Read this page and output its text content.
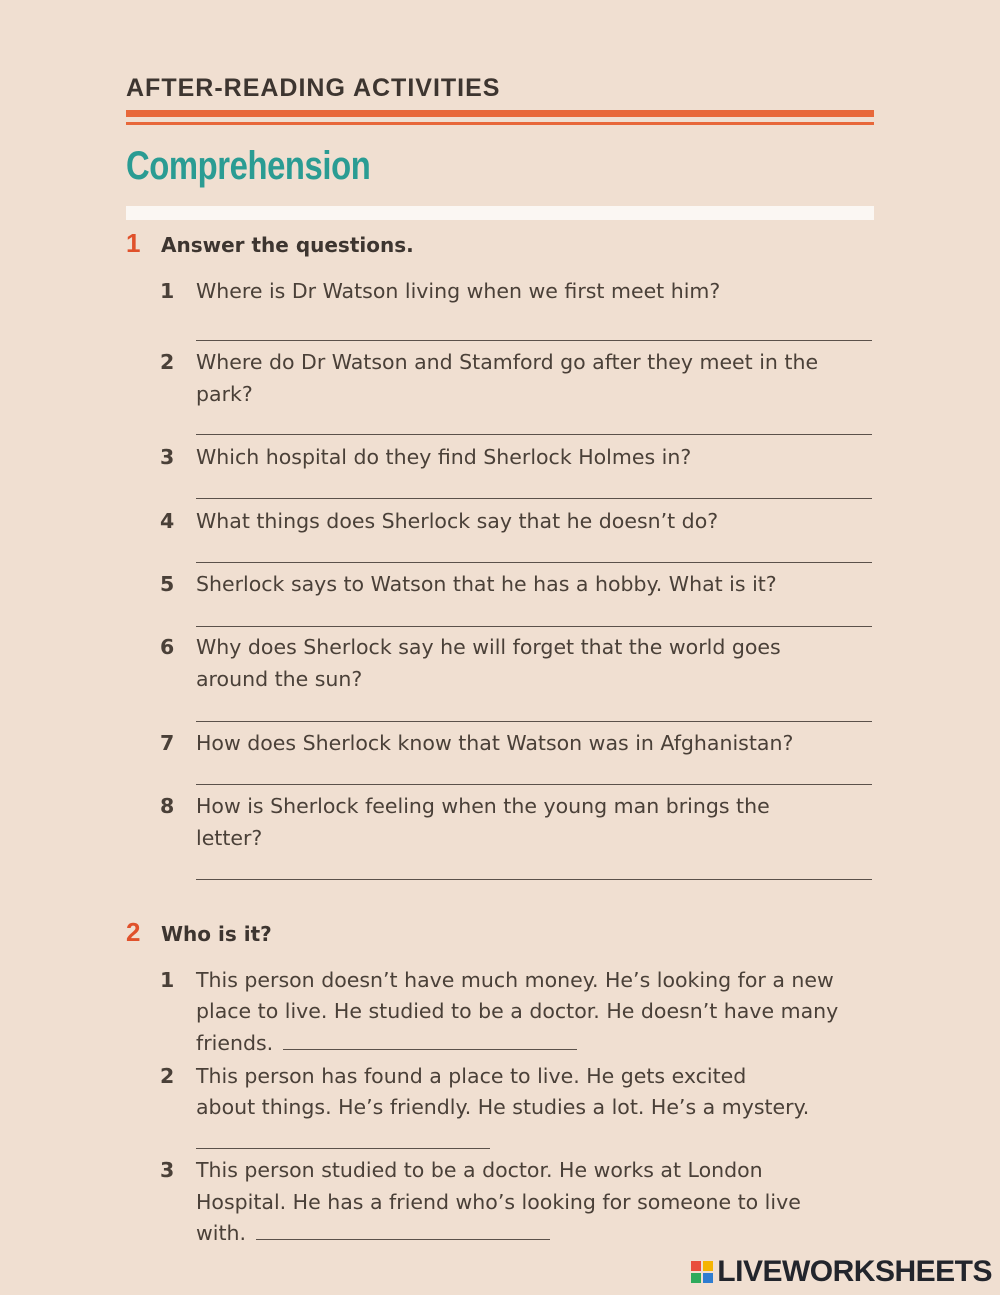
AFTER-READING ACTIVITIES
Comprehension
1	Answer the questions.
1 Where is Dr Watson living when we first meet him?
2 Where do Dr Watson and Stamford go after they meet in the
park?
3 Which hospital do they find Sherlock Holmes in?
4 What things does Sherlock say that he doesn’t do?
5 Sherlock says to Watson that he has a hobby. What is it?
6 Why does Sherlock say he will forget that the world goes
around the sun?
7 How does Sherlock know that Watson was in Afghanistan?
8 How is Sherlock feeling when the young man brings the
letter?
2	Who is it?
1 This person doesn’t have much money. He’s looking for a new
place to live. He studied to be a doctor. He doesn’t have many
friends.
2 This person has found a place to live. He gets excited
about things. He’s friendly. He studies a lot. He’s a mystery.
3 This person studied to be a doctor. He works at London
Hospital. He has a friend who’s looking for someone to live
with.
LIVEWORKSHEETS
